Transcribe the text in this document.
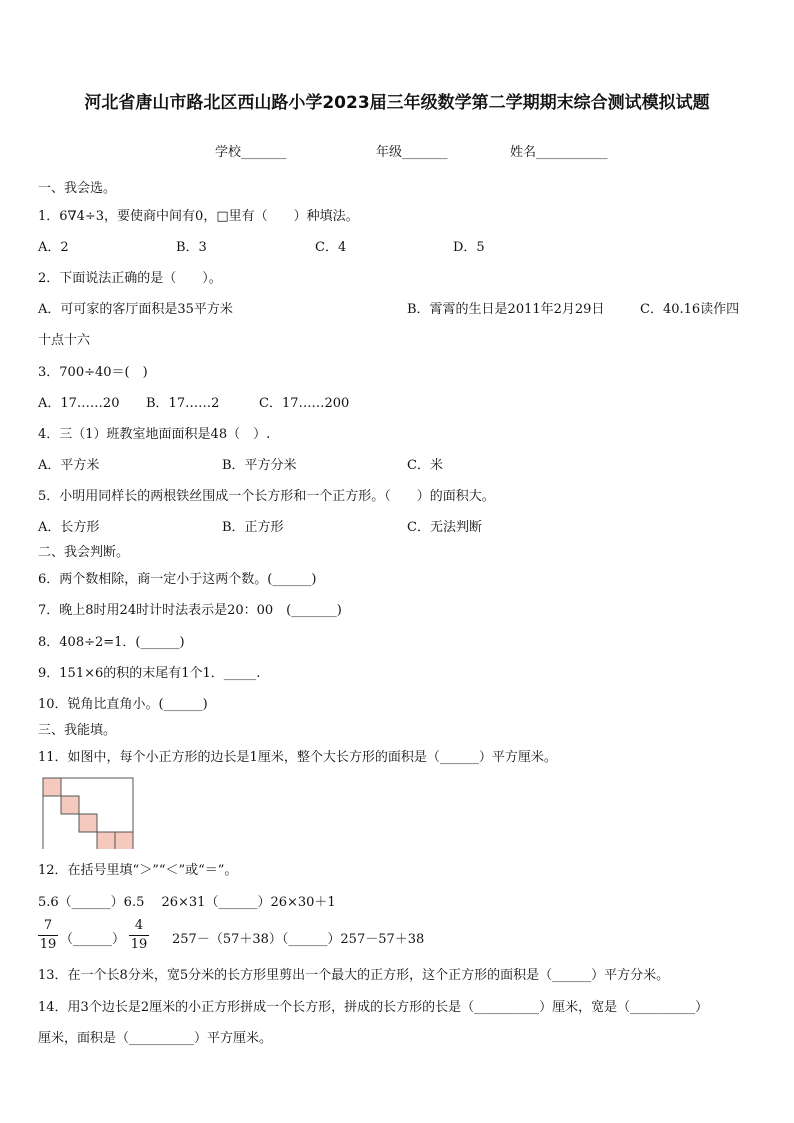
河北省唐山市路北区西山路小学2023届三年级数学第二学期期末综合测试模拟试题
学校_______	年级_______	姓名___________
一、我会选。
1．6∇4÷3，要使商中间有0，□里有（　　）种填法。
A．2	B．3	C．4	D．5
2．下面说法正确的是（　　）。
A．可可家的客厅面积是35平方米	B．霄霄的生日是2011年2月29日	C．40.16读作四
十点十六
3．700÷40＝(　)
A．17……20 B．17……2	C．17……200
4．三（1）班教室地面面积是48（　）.
A．平方米	B．平方分米	C．米
5．小明用同样长的两根铁丝围成一个长方形和一个正方形。（　　）的面积大。
A．长方形	B．正方形	C．无法判断
二、我会判断。
6．两个数相除，商一定小于这两个数。(______)
7．晚上8时用24时计时法表示是20：00　(_______)
8．408÷2=1．(______)
9．151×6的积的末尾有1个1．_____.
10．锐角比直角小。(______)
三、我能填。
11．如图中，每个小正方形的边长是1厘米，整个大长方形的面积是（______）平方厘米。
12．在括号里填“＞”“＜”或“＝”。
5.6（______）6.5　 26×31（______）26×30＋1
7
19 （______）
4
19 257－（57＋38）（______）257－57＋38
13．在一个长8分米，宽5分米的长方形里剪出一个最大的正方形，这个正方形的面积是（______）平方分米。
14．用3个边长是2厘米的小正方形拼成一个长方形，拼成的长方形的长是（__________）厘米，宽是（__________）
厘米，面积是（__________）平方厘米。
